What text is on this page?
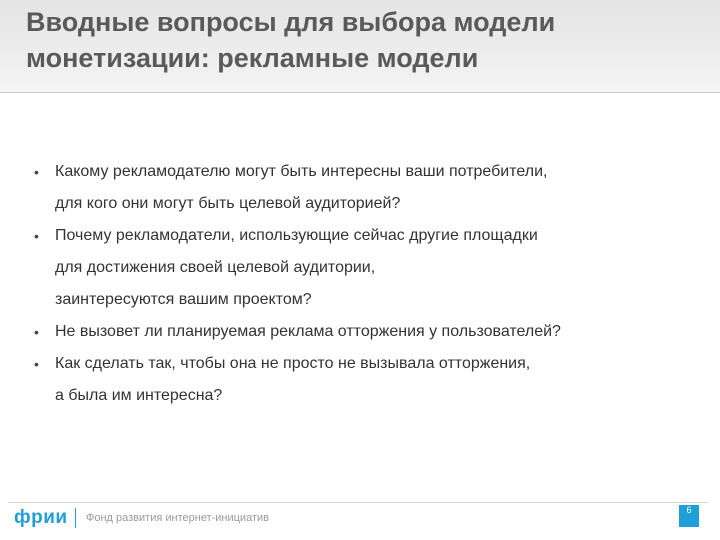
Вводные вопросы для выбора модели
монетизации: рекламные модели
• Какому рекламодателю могут быть интересны ваши потребители,
для кого они могут быть целевой аудиторией?
• Почему рекламодатели, использующие сейчас другие площадки
для достижения своей целевой аудитории,
заинтересуются вашим проектом?
• Не вызовет ли планируемая реклама отторжения у пользователей?
• Как сделать так, чтобы она не просто не вызывала отторжения,
а была им интересна?
фрии Фонд развития интернет-инициатив
6
